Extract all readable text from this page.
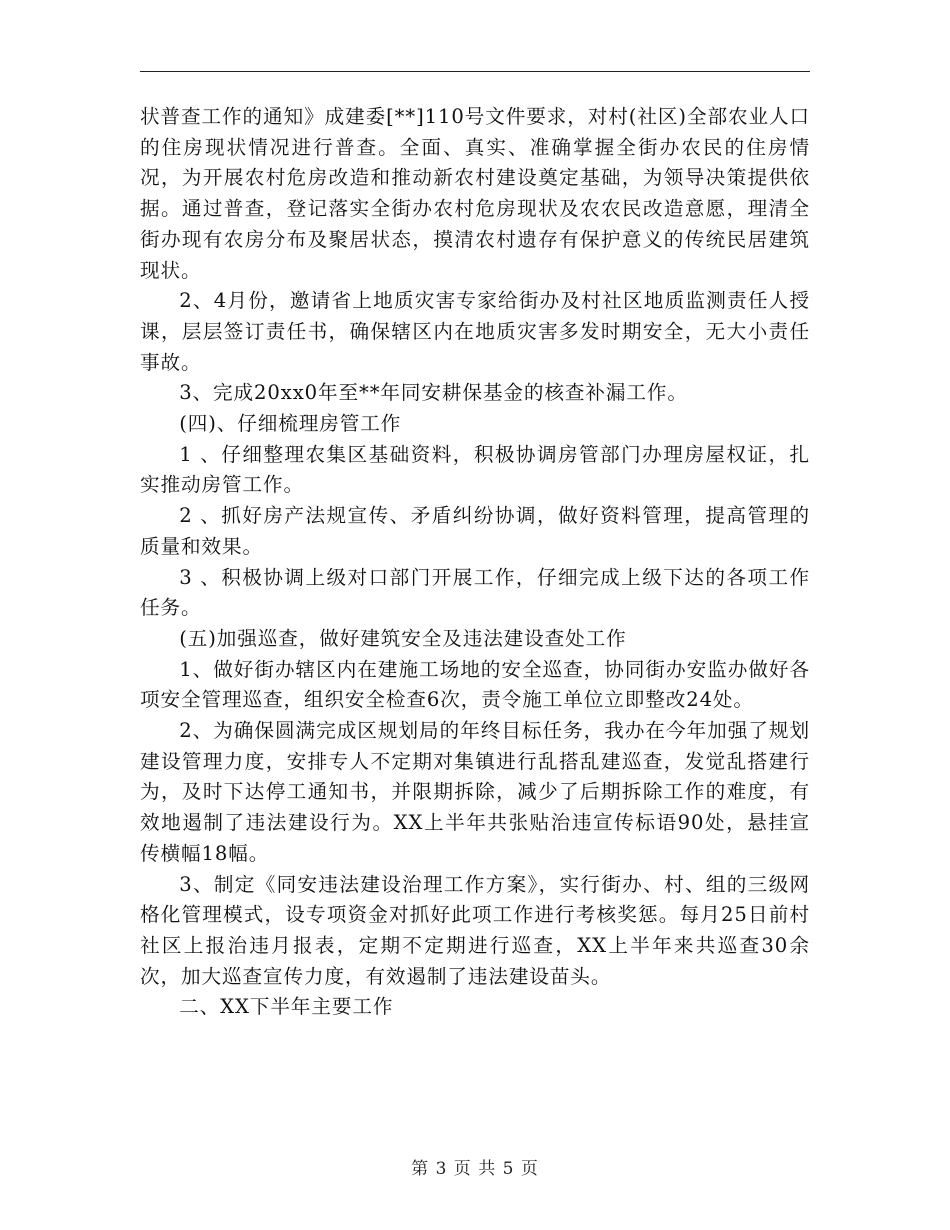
状普查工作的通知》成建委[**]110号文件要求，对村(社区)全部农业人口的住房现状情况进行普查。全面、真实、准确掌握全街办农民的住房情况，为开展农村危房改造和推动新农村建设奠定基础，为领导决策提供依据。通过普查，登记落实全街办农村危房现状及农农民改造意愿，理清全街办现有农房分布及聚居状态，摸清农村遗存有保护意义的传统民居建筑现状。

2、4月份，邀请省上地质灾害专家给街办及村社区地质监测责任人授课，层层签订责任书，确保辖区内在地质灾害多发时期安全，无大小责任事故。

3、完成20xx0年至**年同安耕保基金的核查补漏工作。

(四)、仔细梳理房管工作

1 、仔细整理农集区基础资料，积极协调房管部门办理房屋权证，扎实推动房管工作。

2 、抓好房产法规宣传、矛盾纠纷协调，做好资料管理，提高管理的质量和效果。

3 、积极协调上级对口部门开展工作，仔细完成上级下达的各项工作任务。

(五)加强巡查，做好建筑安全及违法建设查处工作

1、做好街办辖区内在建施工场地的安全巡查，协同街办安监办做好各项安全管理巡查，组织安全检查6次，责令施工单位立即整改24处。

2、为确保圆满完成区规划局的年终目标任务，我办在今年加强了规划建设管理力度，安排专人不定期对集镇进行乱搭乱建巡查，发觉乱搭建行为，及时下达停工通知书，并限期拆除，减少了后期拆除工作的难度，有效地遏制了违法建设行为。XX上半年共张贴治违宣传标语90处，悬挂宣传横幅18幅。

3、制定《同安违法建设治理工作方案》，实行街办、村、组的三级网格化管理模式，设专项资金对抓好此项工作进行考核奖惩。每月25日前村社区上报治违月报表，定期不定期进行巡查，XX上半年来共巡查30余次，加大巡查宣传力度，有效遏制了违法建设苗头。

二、XX下半年主要工作

第 3 页 共 5 页
